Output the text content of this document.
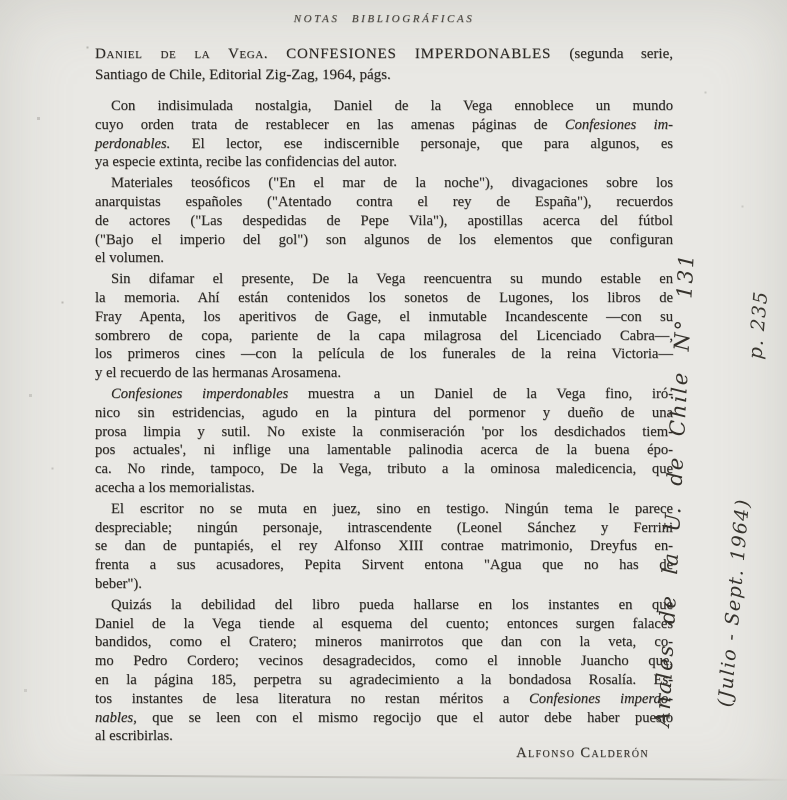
NOTAS BIBLIOGRÁFICAS
Daniel de la Vega. CONFESIONES IMPERDONABLES (segunda serie,
Santiago de Chile, Editorial Zig-Zag, 1964, págs.
Con indisimulada nostalgia, Daniel de la Vega ennoblece un mundo
cuyo orden trata de restablecer en las amenas páginas de Confesiones im-
perdonables. El lector, ese indiscernible personaje, que para algunos, es
ya especie extinta, recibe las confidencias del autor.
Materiales teosóficos ("En el mar de la noche"), divagaciones sobre los
anarquistas españoles ("Atentado contra el rey de España"), recuerdos
de actores ("Las despedidas de Pepe Vila"), apostillas acerca del fútbol
("Bajo el imperio del gol") son algunos de los elementos que configuran
el volumen.
Sin difamar el presente, De la Vega reencuentra su mundo estable en
la memoria. Ahí están contenidos los sonetos de Lugones, los libros de
Fray Apenta, los aperitivos de Gage, el inmutable Incandescente —con su
sombrero de copa, pariente de la capa milagrosa del Licenciado Cabra—,
los primeros cines —con la película de los funerales de la reina Victoria—
y el recuerdo de las hermanas Arosamena.
Confesiones imperdonables muestra a un Daniel de la Vega fino, iró-
nico sin estridencias, agudo en la pintura del pormenor y dueño de una
prosa limpia y sutil. No existe la conmiseración 'por los desdichados tiem-
pos actuales', ni inflige una lamentable palinodia acerca de la buena épo-
ca. No rinde, tampoco, De la Vega, tributo a la ominosa maledicencia, que
acecha a los memorialistas.
El escritor no se muta en juez, sino en testigo. Ningún tema le parece
despreciable; ningún personaje, intrascendente (Leonel Sánchez y Ferrini
se dan de puntapiés, el rey Alfonso XIII contrae matrimonio, Dreyfus en-
frenta a sus acusadores, Pepita Sirvent entona "Agua que no has de
beber").
Quizás la debilidad del libro pueda hallarse en los instantes en que
Daniel de la Vega tiende al esquema del cuento; entonces surgen falaces
bandidos, como el Cratero; mineros manirrotos que dan con la veta, co-
mo Pedro Cordero; vecinos desagradecidos, como el innoble Juancho que,
en la página 185, perpetra su agradecimiento a la bondadosa Rosalía. Es-
tos instantes de lesa literatura no restan méritos a Confesiones imperdo-
nables, que se leen con el mismo regocijo que el autor debe haber puesto
al escribirlas.
Alfonso Calderón
Anales de la U. de Chile N° 131 (Julio - Sept. 1964)
p. 235
